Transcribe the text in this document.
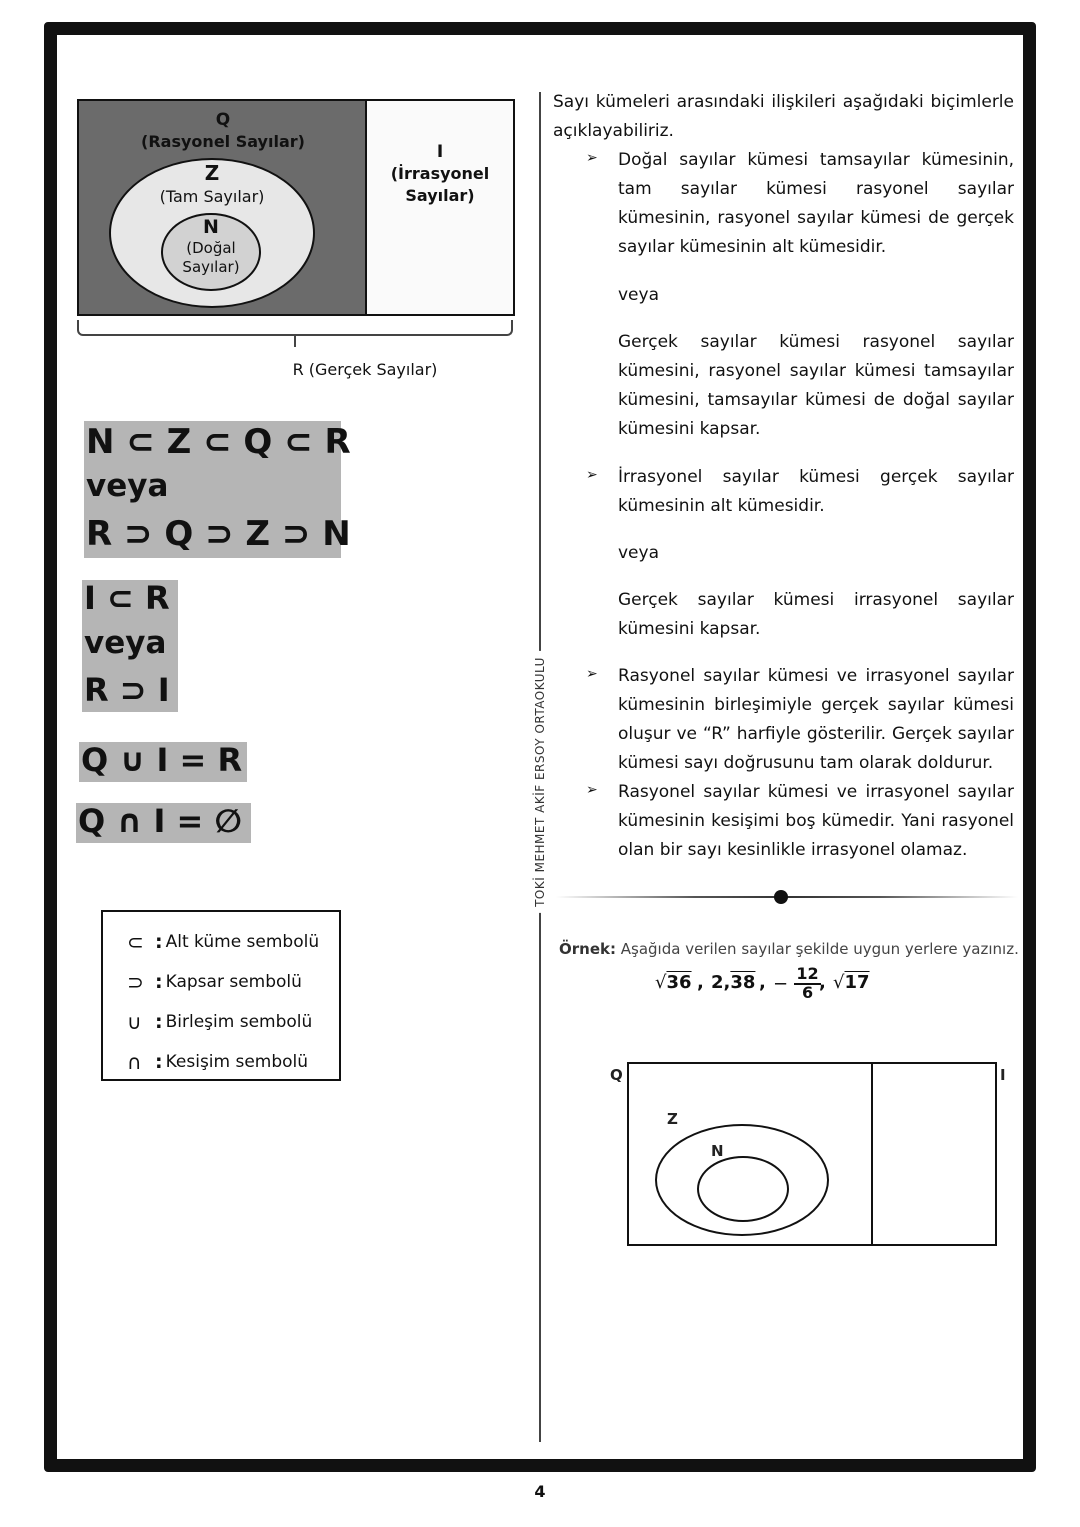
Q
(Rasyonel Sayılar)
Z
(Tam Sayılar)
N
(Doğal
Sayılar)
I
(İrrasyonel
Sayılar)
R (Gerçek Sayılar)
N ⊂ Z ⊂ Q ⊂ R
veya
R ⊃ Q ⊃ Z ⊃ N
I ⊂ R
veya
R ⊃ I
Q ∪ I = R
Q ∩ I = ∅
⊂ : Alt küme sembolü
⊃ : Kapsar sembolü
∪ : Birleşim sembolü
∩ : Kesişim sembolü
TOKİ MEHMET AKİF ERSOY ORTAOKULU
Sayı kümeleri arasındaki ilişkileri aşağıdaki biçimlerle açıklayabiliriz.
➢ Doğal sayılar kümesi tamsayılar kümesinin, tam sayılar kümesi rasyonel sayılar kümesinin, rasyonel sayılar kümesi de gerçek sayılar kümesinin alt kümesidir.
veya
Gerçek sayılar kümesi rasyonel sayılar kümesini, rasyonel sayılar kümesi tamsayılar kümesini, tamsayılar kümesi de doğal sayılar kümesini kapsar.
➢ İrrasyonel sayılar kümesi gerçek sayılar kümesinin alt kümesidir.
veya
Gerçek sayılar kümesi irrasyonel sayılar kümesini kapsar.
➢ Rasyonel sayılar kümesi ve irrasyonel sayılar kümesinin birleşimiyle gerçek sayılar kümesi oluşur ve “R” harfiyle gösterilir. Gerçek sayılar kümesi sayı doğrusunu tam olarak doldurur.
➢ Rasyonel sayılar kümesi ve irrasyonel sayılar kümesinin kesişimi boş kümedir. Yani rasyonel olan bir sayı kesinlikle irrasyonel olamaz.
Örnek: Aşağıda verilen sayılar şekilde uygun yerlere yazınız.
√36 , 2,38 , − $\frac{12}{6}$
, √17
Q	I
Z
N
4
